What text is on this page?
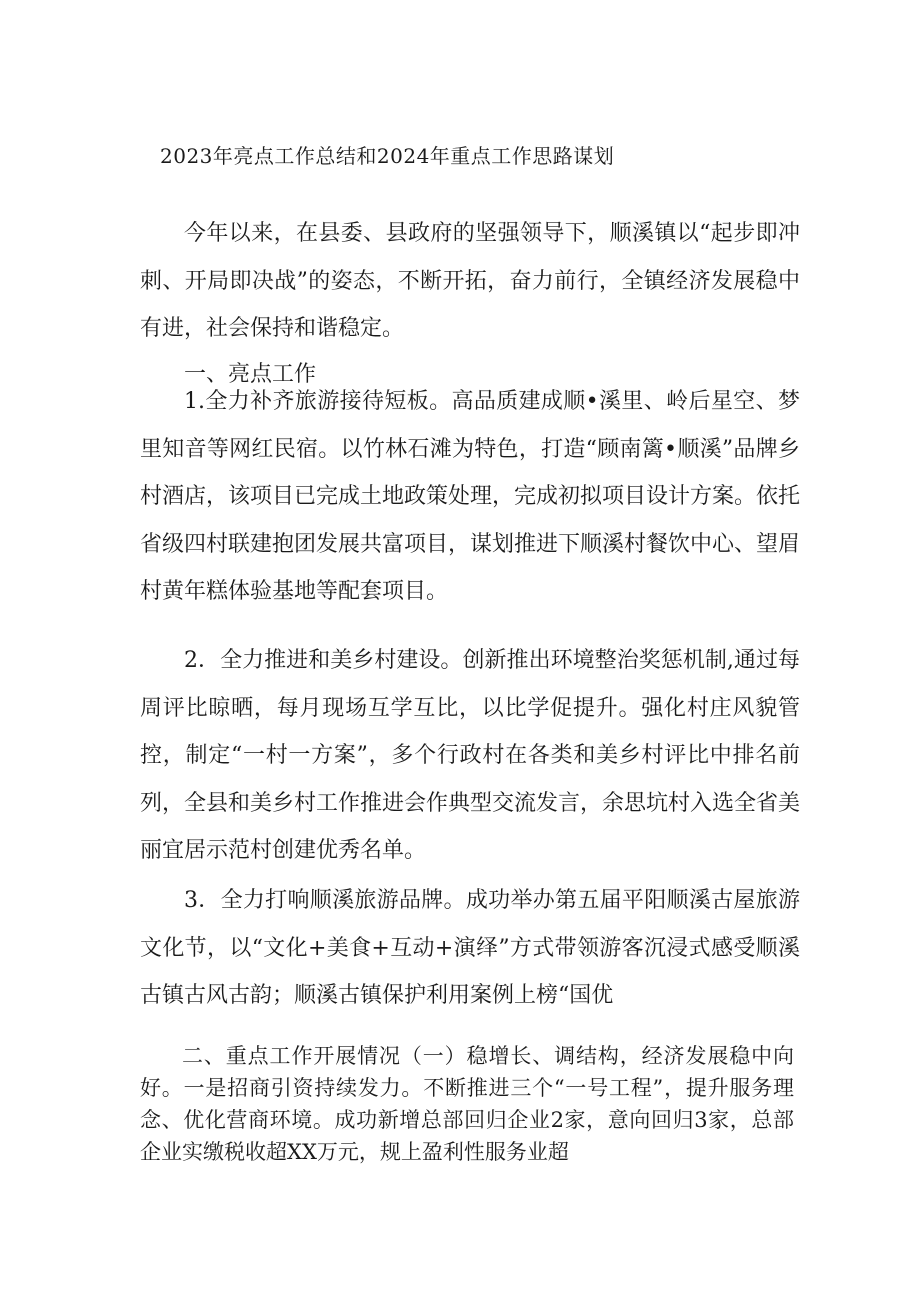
2023年亮点工作总结和2024年重点工作思路谋划

今年以来，在县委、县政府的坚强领导下，顺溪镇以“起步即冲刺、开局即决战”的姿态，不断开拓，奋力前行，全镇经济发展稳中有进，社会保持和谐稳定。

一、亮点工作

1.全力补齐旅游接待短板。高品质建成顺•溪里、岭后星空、梦里知音等网红民宿。以竹林石滩为特色，打造“顾南篱•顺溪”品牌乡村酒店，该项目已完成土地政策处理，完成初拟项目设计方案。依托省级四村联建抱团发展共富项目，谋划推进下顺溪村餐饮中心、望眉村黄年糕体验基地等配套项目。

2．全力推进和美乡村建设。创新推出环境整治奖惩机制,通过每周评比晾晒，每月现场互学互比，以比学促提升。强化村庄风貌管控，制定“一村一方案”，多个行政村在各类和美乡村评比中排名前列，全县和美乡村工作推进会作典型交流发言，余思坑村入选全省美丽宜居示范村创建优秀名单。

3．全力打响顺溪旅游品牌。成功举办第五届平阳顺溪古屋旅游文化节，以“文化+美食+互动+演绎”方式带领游客沉浸式感受顺溪古镇古风古韵；顺溪古镇保护利用案例上榜“国优

二、重点工作开展情况（一）稳增长、调结构，经济发展稳中向好。一是招商引资持续发力。不断推进三个“一号工程”，提升服务理念、优化营商环境。成功新增总部回归企业2家，意向回归3家，总部企业实缴税收超XX万元，规上盈利性服务业超
